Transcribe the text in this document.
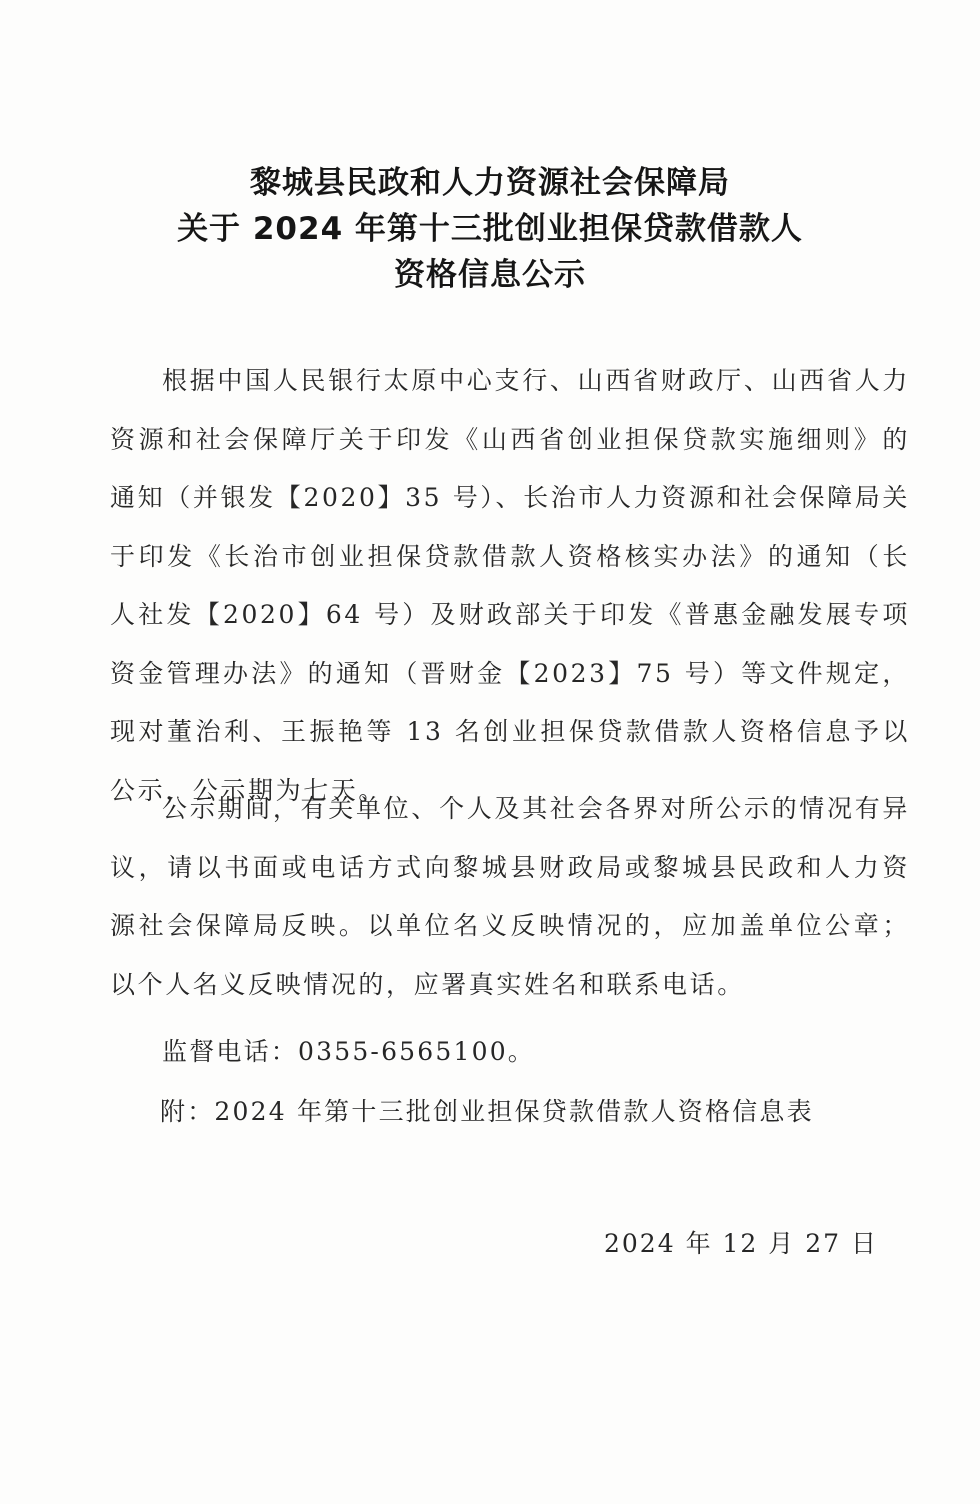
黎城县民政和人力资源社会保障局
关于 2024 年第十三批创业担保贷款借款人
资格信息公示
根据中国人民银行太原中心支行、山西省财政厅、山西省人力资源和社会保障厅关于印发《山西省创业担保贷款实施细则》的通知（并银发【2020】35 号）、长治市人力资源和社会保障局关于印发《长治市创业担保贷款借款人资格核实办法》的通知（长人社发【2020】64 号）及财政部关于印发《普惠金融发展专项资金管理办法》的通知（晋财金【2023】75 号）等文件规定，现对董治利、王振艳等 13 名创业担保贷款借款人资格信息予以公示，公示期为七天。
公示期间，有关单位、个人及其社会各界对所公示的情况有异议，请以书面或电话方式向黎城县财政局或黎城县民政和人力资源社会保障局反映。以单位名义反映情况的，应加盖单位公章；以个人名义反映情况的，应署真实姓名和联系电话。
监督电话：0355-6565100。
附：2024 年第十三批创业担保贷款借款人资格信息表
2024 年 12 月 27 日
